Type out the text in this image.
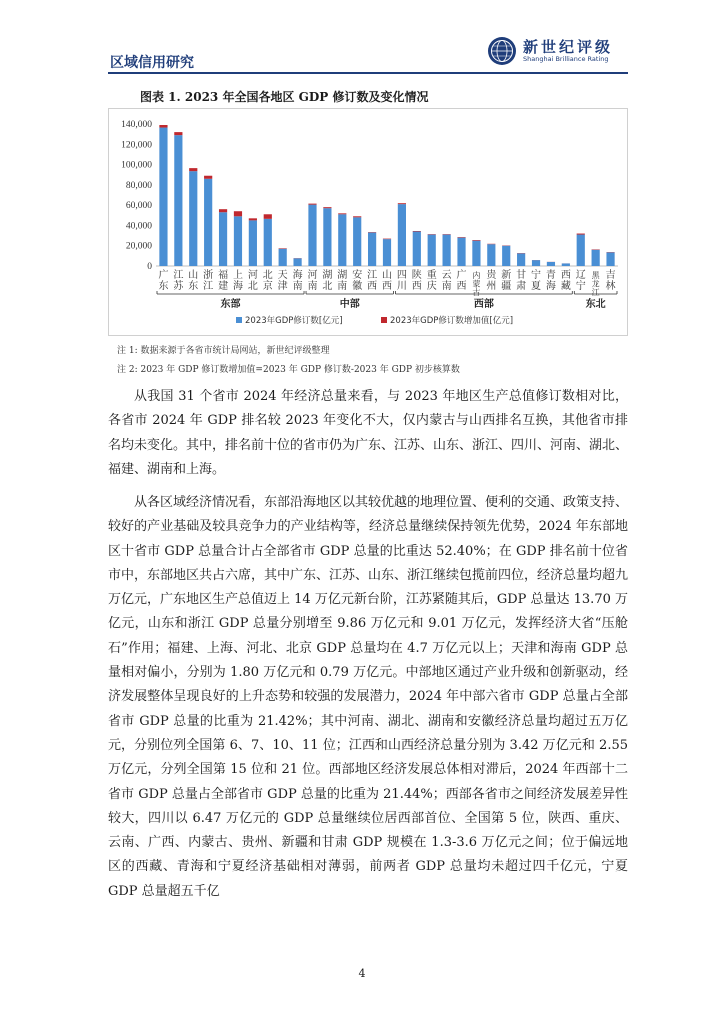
区域信用研究
新世纪评级
Shanghai Brilliance Rating
图表 1. 2023 年全国各地区 GDP 修订数及变化情况
0
20,000
40,000
60,000
80,000
100,000
120,000
140,000
广东
江苏
山东
浙江
福建
上海
河北
北京
天津
海南
河南
湖北
湖南
安徽
江西
山西
四川
陕西
重庆
云南
广西
内蒙古
贵州
新疆
甘肃
宁夏
青海
西藏
辽宁
黑龙江
吉林
东部	中部	西部	东北
2023年GDP修订数[亿元]	2023年GDP修订数增加值[亿元]
注 1: 数据来源于各省市统计局网站，新世纪评级整理
注 2: 2023 年 GDP 修订数增加值=2023 年 GDP 修订数-2023 年 GDP 初步核算数

从我国 31 个省市 2024 年经济总量来看，与 2023 年地区生产总值修订数相对比，各省市 2024 年 GDP 排名较 2023 年变化不大，仅内蒙古与山西排名互换，其他省市排名均未变化。其中，排名前十位的省市仍为广东、江苏、山东、浙江、四川、河南、湖北、福建、湖南和上海。

从各区域经济情况看，东部沿海地区以其较优越的地理位置、便利的交通、政策支持、较好的产业基础及较具竞争力的产业结构等，经济总量继续保持领先优势，2024 年东部地区十省市 GDP 总量合计占全部省市 GDP 总量的比重达 52.40%；在 GDP 排名前十位省市中，东部地区共占六席，其中广东、江苏、山东、浙江继续包揽前四位，经济总量均超九万亿元，广东地区生产总值迈上 14 万亿元新台阶，江苏紧随其后，GDP 总量达 13.70 万亿元，山东和浙江 GDP 总量分别增至 9.86 万亿元和 9.01 万亿元，发挥经济大省“压舱石”作用；福建、上海、河北、北京 GDP 总量均在 4.7 万亿元以上；天津和海南 GDP 总量相对偏小，分别为 1.80 万亿元和 0.79 万亿元。中部地区通过产业升级和创新驱动，经济发展整体呈现良好的上升态势和较强的发展潜力，2024 年中部六省市 GDP 总量占全部省市 GDP 总量的比重为 21.42%；其中河南、湖北、湖南和安徽经济总量均超过五万亿元，分别位列全国第 6、7、10、11 位；江西和山西经济总量分别为 3.42 万亿元和 2.55 万亿元，分列全国第 15 位和 21 位。西部地区经济发展总体相对滞后，2024 年西部十二省市 GDP 总量占全部省市 GDP 总量的比重为 21.44%；西部各省市之间经济发展差异性较大，四川以 6.47 万亿元的 GDP 总量继续位居西部首位、全国第 5 位，陕西、重庆、云南、广西、内蒙古、贵州、新疆和甘肃 GDP 规模在 1.3-3.6 万亿元之间；位于偏远地区的西藏、青海和宁夏经济基础相对薄弱，前两者 GDP 总量均未超过四千亿元，宁夏 GDP 总量超五千亿

4
